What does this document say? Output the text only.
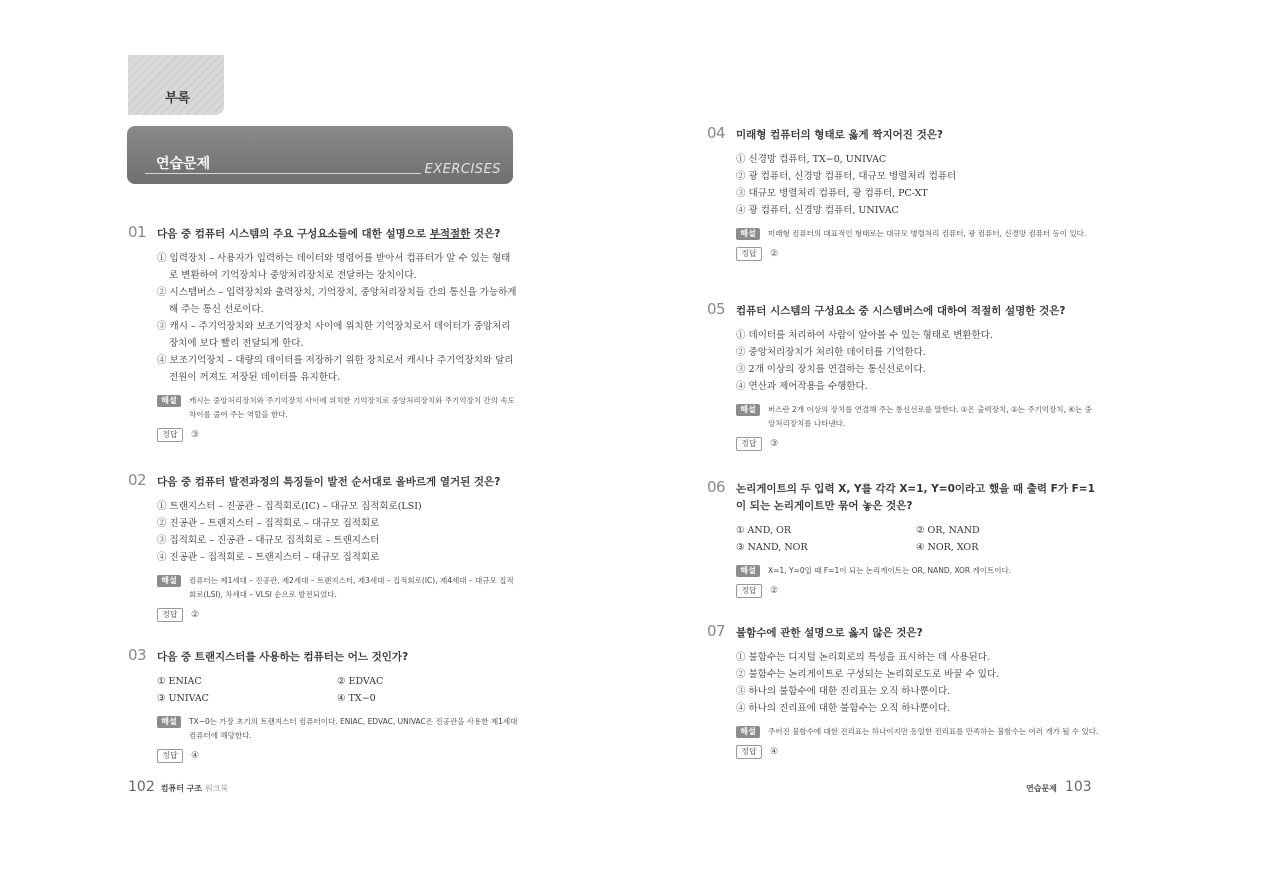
부록
연습문제	EXERCISES
01	다음 중 컴퓨터 시스템의 주요 구성요소들에 대한 설명으로 부적절한 것은?
① 입력장치 – 사용자가 입력하는 데이터와 명령어를 받아서 컴퓨터가 알 수 있는 형태로 변환하여 기억장치나 중앙처리장치로 전달하는 장치이다.
② 시스템버스 – 입력장치와 출력장치, 기억장치, 중앙처리장치들 간의 통신을 가능하게 해 주는 통신 선로이다.
③ 캐시 – 주기억장치와 보조기억장치 사이에 위치한 기억장치로서 데이터가 중앙처리장치에 보다 빨리 전달되게 한다.
④ 보조기억장치 – 대량의 데이터를 저장하기 위한 장치로서 캐시나 주기억장치와 달리 전원이 꺼져도 저장된 데이터를 유지한다.
해설	캐시는 중앙처리장치와 주기억장치 사이에 위치한 기억장치로 중앙처리장치와 주기억장치 간의 속도 차이를 줄여 주는 역할을 한다.
정답	③
02	다음 중 컴퓨터 발전과정의 특징들이 발전 순서대로 올바르게 열거된 것은?
① 트랜지스터 – 진공관 – 집적회로(IC) – 대규모 집적회로(LSI)
② 진공관 – 트랜지스터 – 집적회로 – 대규모 집적회로
③ 집적회로 – 진공관 – 대규모 집적회로 – 트랜지스터
④ 진공관 – 집적회로 – 트랜지스터 – 대규모 집적회로
해설	컴퓨터는 제1세대 – 진공관, 제2세대 – 트랜지스터, 제3세대 – 집적회로(IC), 제4세대 – 대규모 집적회로(LSI), 차세대 – VLSI 순으로 발전되었다.
정답	②
03	다음 중 트랜지스터를 사용하는 컴퓨터는 어느 것인가?
① ENIAC	② EDVAC
③ UNIVAC	④ TX−0
해설	TX−0는 가장 초기의 트랜지스터 컴퓨터이다. ENIAC, EDVAC, UNIVAC은 진공관을 사용한 제1세대 컴퓨터에 해당한다.
정답	④
102 컴퓨터 구조 워크북
04	미래형 컴퓨터의 형태로 옳게 짝지어진 것은?
① 신경망 컴퓨터, TX−0, UNIVAC
② 광 컴퓨터, 신경망 컴퓨터, 대규모 병렬처리 컴퓨터
③ 대규모 병렬처리 컴퓨터, 광 컴퓨터, PC-XT
④ 광 컴퓨터, 신경망 컴퓨터, UNIVAC
해설	미래형 컴퓨터의 대표적인 형태로는 대규모 병렬처리 컴퓨터, 광 컴퓨터, 신경망 컴퓨터 등이 있다.
정답	②
05	컴퓨터 시스템의 구성요소 중 시스템버스에 대하여 적절히 설명한 것은?
① 데이터를 처리하여 사람이 알아볼 수 있는 형태로 변환한다.
② 중앙처리장치가 처리한 데이터를 기억한다.
③ 2개 이상의 장치를 연결하는 통신선로이다.
④ 연산과 제어작용을 수행한다.
해설	버스란 2개 이상의 장치를 연결해 주는 통신선로를 말한다. ①은 출력장치, ②는 주기억장치, ④는 중앙처리장치를 나타낸다.
정답	③
06	논리게이트의 두 입력 X, Y를 각각 X=1, Y=0이라고 했을 때 출력 F가 F=1이 되는 논리게이트만 묶어 놓은 것은?
① AND, OR	② OR, NAND
③ NAND, NOR	④ NOR, XOR
해설	X=1, Y=0일 때 F=1이 되는 논리게이트는 OR, NAND, XOR 게이트이다.
정답	②
07	불함수에 관한 설명으로 옳지 않은 것은?
① 불함수는 디지털 논리회로의 특성을 표시하는 데 사용된다.
② 불함수는 논리게이트로 구성되는 논리회로도로 바꿀 수 있다.
③ 하나의 불함수에 대한 진리표는 오직 하나뿐이다.
④ 하나의 진리표에 대한 불함수는 오직 하나뿐이다.
해설	주어진 불함수에 대한 진리표는 하나이지만 동일한 진리표를 만족하는 불함수는 여러 개가 될 수 있다.
정답	④
연습문제 103
